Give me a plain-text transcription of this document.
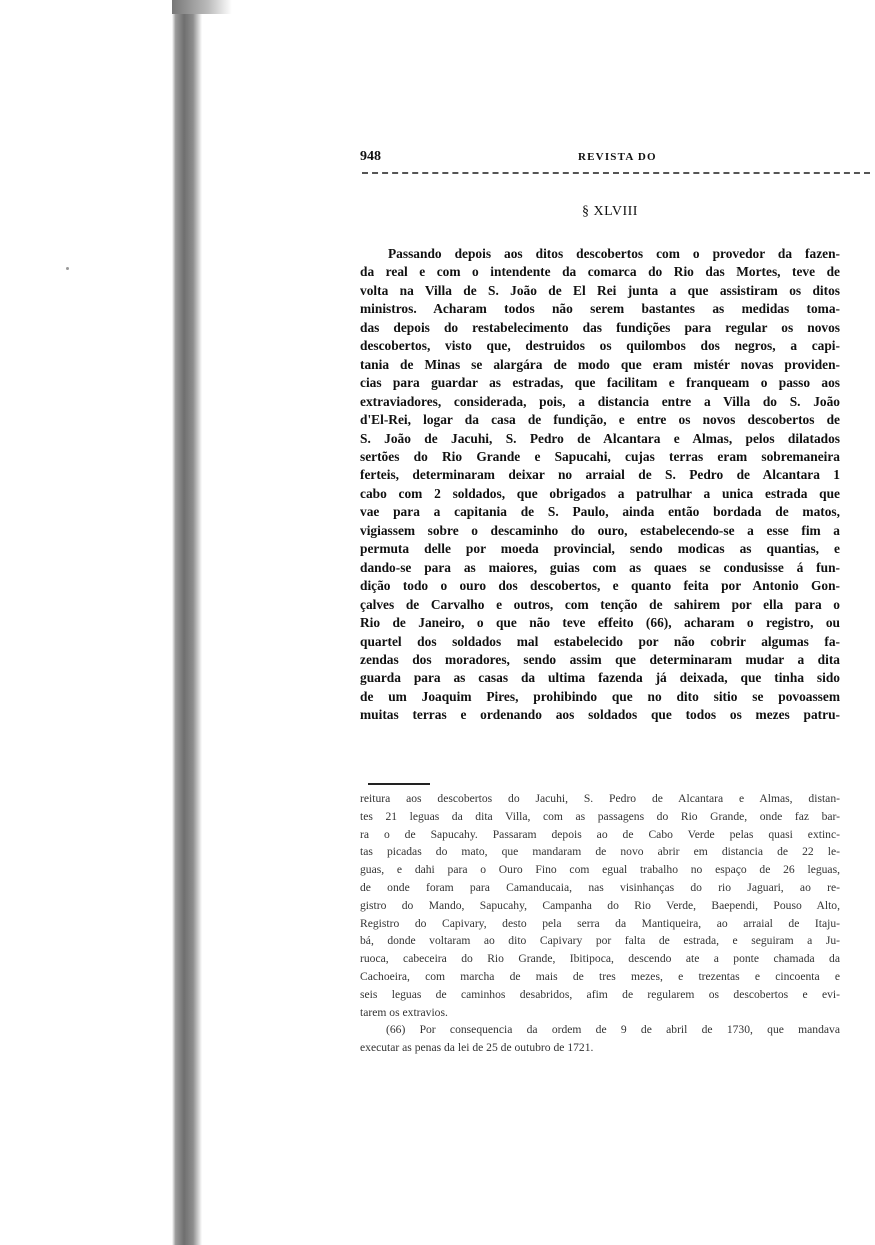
948	REVISTA DO
§ XLVIII
Passando depois aos ditos descobertos com o provedor da fazen-
da real e com o intendente da comarca do Rio das Mortes, teve de
volta na Villa de S. João de El Rei junta a que assistiram os ditos
ministros. Acharam todos não serem bastantes as medidas toma-
das depois do restabelecimento das fundições para regular os novos
descobertos, visto que, destruidos os quilombos dos negros, a capi-
tania de Minas se alargára de modo que eram mistér novas providen-
cias para guardar as estradas, que facilitam e franqueam o passo aos
extraviadores, considerada, pois, a distancia entre a Villa do S. João
d'El-Rei, logar da casa de fundição, e entre os novos descobertos de
S. João de Jacuhi, S. Pedro de Alcantara e Almas, pelos dilatados
sertões do Rio Grande e Sapucahi, cujas terras eram sobremaneira
ferteis, determinaram deixar no arraial de S. Pedro de Alcantara 1
cabo com 2 soldados, que obrigados a patrulhar a unica estrada que
vae para a capitania de S. Paulo, ainda então bordada de matos,
vigiassem sobre o descaminho do ouro, estabelecendo-se a esse fim a
permuta delle por moeda provincial, sendo modicas as quantias, e
dando-se para as maiores, guias com as quaes se condusisse á fun-
dição todo o ouro dos descobertos, e quanto feita por Antonio Gon-
çalves de Carvalho e outros, com tenção de sahirem por ella para o
Rio de Janeiro, o que não teve effeito (66), acharam o registro, ou
quartel dos soldados mal estabelecido por não cobrir algumas fa-
zendas dos moradores, sendo assim que determinaram mudar a dita
guarda para as casas da ultima fazenda já deixada, que tinha sido
de um Joaquim Pires, prohibindo que no dito sitio se povoassem
muitas terras e ordenando aos soldados que todos os mezes patru-
reitura aos descobertos do Jacuhi, S. Pedro de Alcantara e Almas, distan-
tes 21 leguas da dita Villa, com as passagens do Rio Grande, onde faz bar-
ra o de Sapucahy. Passaram depois ao de Cabo Verde pelas quasi extinc-
tas picadas do mato, que mandaram de novo abrir em distancia de 22 le-
guas, e dahi para o Ouro Fino com egual trabalho no espaço de 26 leguas,
de onde foram para Camanducaia, nas visinhanças do rio Jaguari, ao re-
gistro do Mando, Sapucahy, Campanha do Rio Verde, Baependi, Pouso Alto,
Registro do Capivary, desto pela serra da Mantiqueira, ao arraial de Itaju-
bá, donde voltaram ao dito Capivary por falta de estrada, e seguiram a Ju-
ruoca, cabeceira do Rio Grande, Ibitipoca, descendo ate a ponte chamada da
Cachoeira, com marcha de mais de tres mezes, e trezentas e cincoenta e
seis leguas de caminhos desabridos, afim de regularem os descobertos e evi-
tarem os extravios.
(66) Por consequencia da ordem de 9 de abril de 1730, que mandava
executar as penas da lei de 25 de outubro de 1721.
